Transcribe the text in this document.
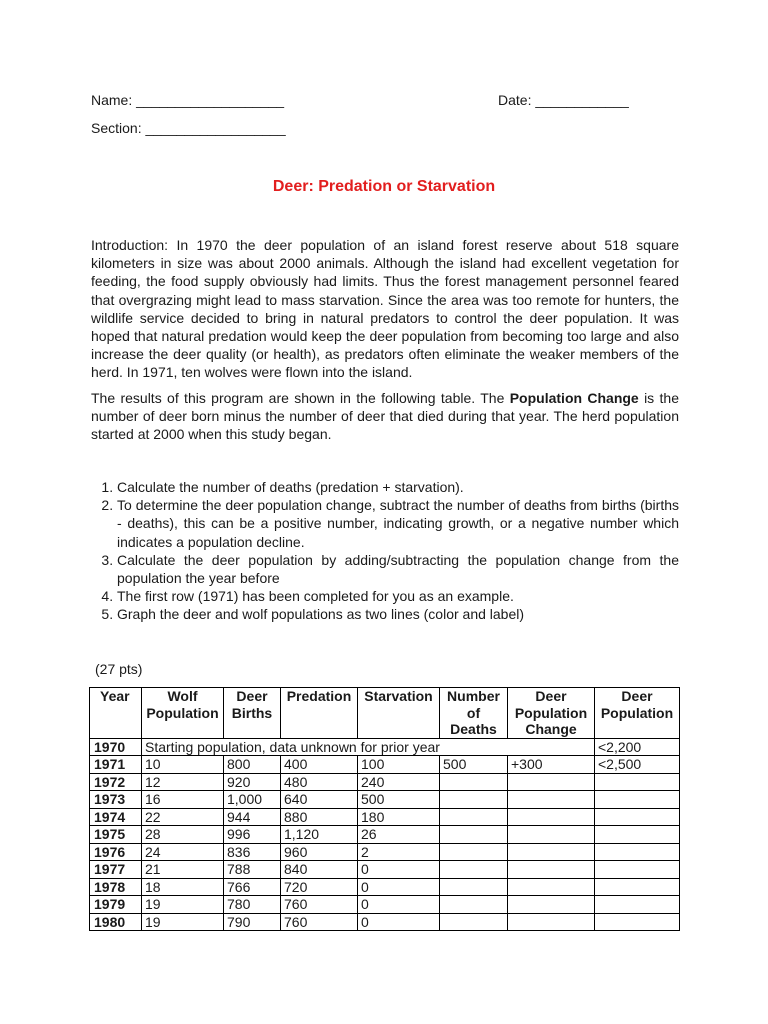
Name: ___________________	Date: ____________
Section: __________________
Deer: Predation or Starvation
Introduction: In 1970 the deer population of an island forest reserve about 518 square kilometers in size was about 2000 animals. Although the island had excellent vegetation for feeding, the food supply obviously had limits. Thus the forest management personnel feared that overgrazing might lead to mass starvation. Since the area was too remote for hunters, the wildlife service decided to bring in natural predators to control the deer population. It was hoped that natural predation would keep the deer population from becoming too large and also increase the deer quality (or health), as predators often eliminate the weaker members of the herd. In 1971, ten wolves were flown into the island.
The results of this program are shown in the following table. The Population Change is the number of deer born minus the number of deer that died during that year. The herd population started at 2000 when this study began.
1. Calculate the number of deaths (predation + starvation).
2. To determine the deer population change, subtract the number of deaths from births (births - deaths), this can be a positive number, indicating growth, or a negative number which indicates a population decline.
3. Calculate the deer population by adding/subtracting the population change from the population the year before
4. The first row (1971) has been completed for you as an example.
5. Graph the deer and wolf populations as two lines (color and label)
(27 pts)
Year	Wolf Population	Deer Births	Predation	Starvation	Number of Deaths	Deer Population Change	Deer Population
1970	Starting population, data unknown for prior year						<2,200
1971	10	800	400	100	500	+300	<2,500
1972	12	920	480	240			
1973	16	1,000	640	500			
1974	22	944	880	180			
1975	28	996	1,120	26			
1976	24	836	960	2			
1977	21	788	840	0			
1978	18	766	720	0			
1979	19	780	760	0			
1980	19	790	760	0			
